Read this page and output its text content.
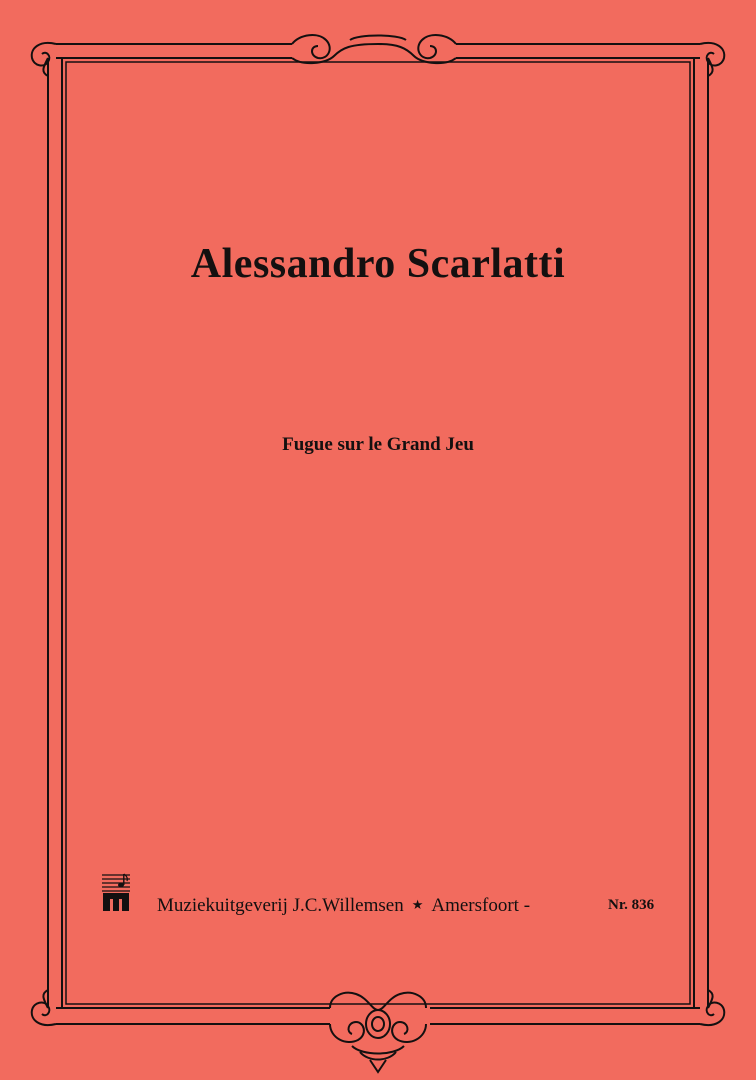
Alessandro Scarlatti
Fugue sur le Grand Jeu
Muziekuitgeverij J.C.Willemsen ★ Amersfoort -	Nr. 836
